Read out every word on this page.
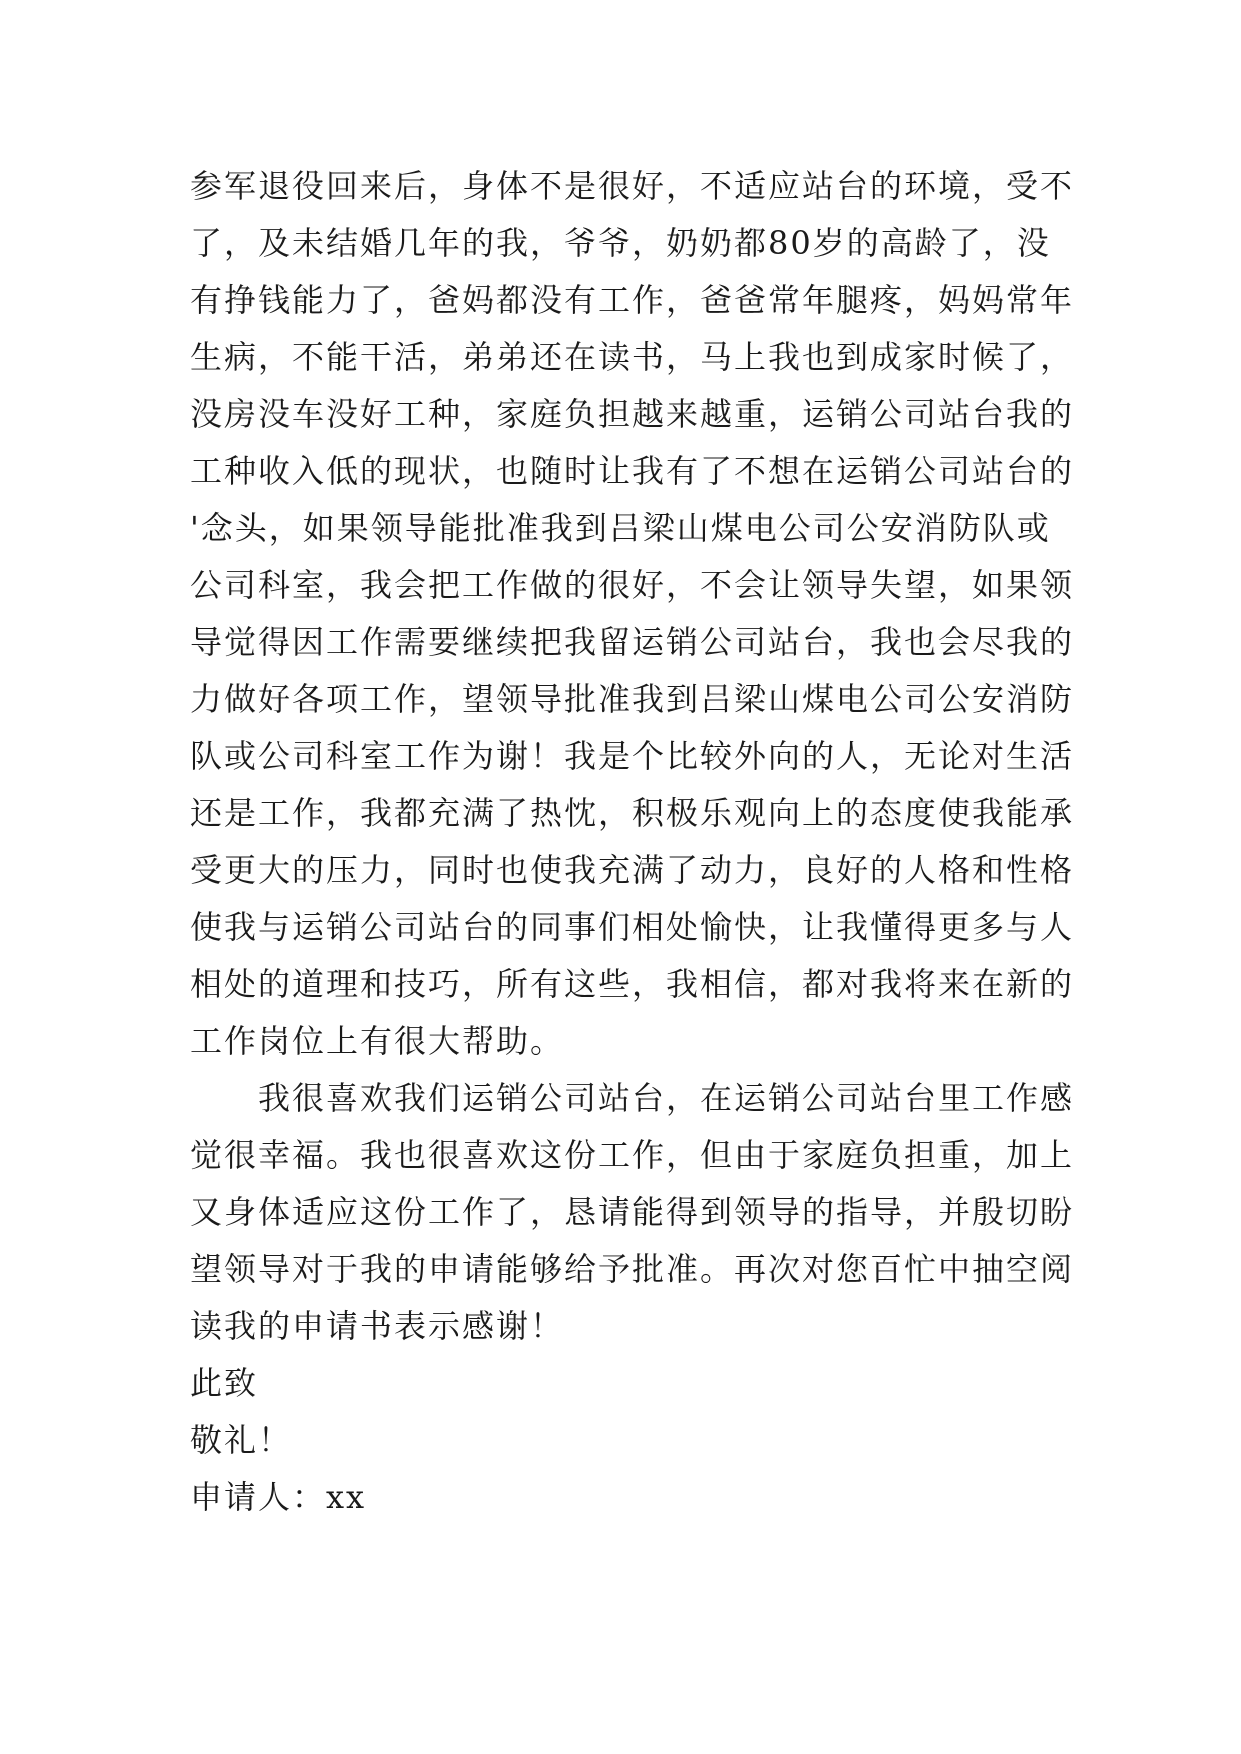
参军退役回来后，身体不是很好，不适应站台的环境，受不
了，及未结婚几年的我，爷爷，奶奶都80岁的高龄了，没
有挣钱能力了，爸妈都没有工作，爸爸常年腿疼，妈妈常年
生病，不能干活，弟弟还在读书，马上我也到成家时候了，
没房没车没好工种，家庭负担越来越重，运销公司站台我的
工种收入低的现状，也随时让我有了不想在运销公司站台的
'念头，如果领导能批准我到吕梁山煤电公司公安消防队或
公司科室，我会把工作做的很好，不会让领导失望，如果领
导觉得因工作需要继续把我留运销公司站台，我也会尽我的
力做好各项工作，望领导批准我到吕梁山煤电公司公安消防
队或公司科室工作为谢！我是个比较外向的人，无论对生活
还是工作，我都充满了热忱，积极乐观向上的态度使我能承
受更大的压力，同时也使我充满了动力，良好的人格和性格
使我与运销公司站台的同事们相处愉快，让我懂得更多与人
相处的道理和技巧，所有这些，我相信，都对我将来在新的
工作岗位上有很大帮助。
我很喜欢我们运销公司站台，在运销公司站台里工作感
觉很幸福。我也很喜欢这份工作，但由于家庭负担重，加上
又身体适应这份工作了，恳请能得到领导的指导，并殷切盼
望领导对于我的申请能够给予批准。再次对您百忙中抽空阅
读我的申请书表示感谢！
此致
敬礼！
申请人：xx
